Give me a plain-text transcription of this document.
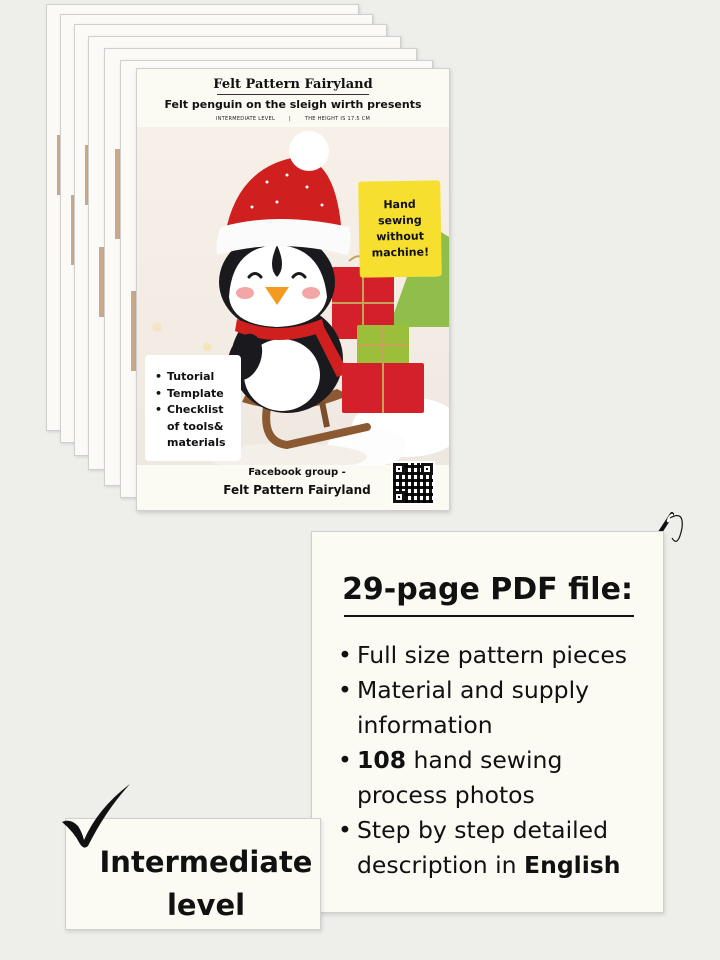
Felt Pattern Fairyland
Felt penguin on the sleigh wirth presents
INTERMEDIATE LEVEL	|	THE HEIGHT IS 17.5 CM
Hand sewing without machine!
• Tutorial
• Template
• Checklist of tools& materials
Facebook group -
Felt Pattern Fairyland
29-page PDF file:
• Full size pattern pieces
• Material and supply information
• 108 hand sewing process photos
• Step by step detailed description in English
Intermediate level
